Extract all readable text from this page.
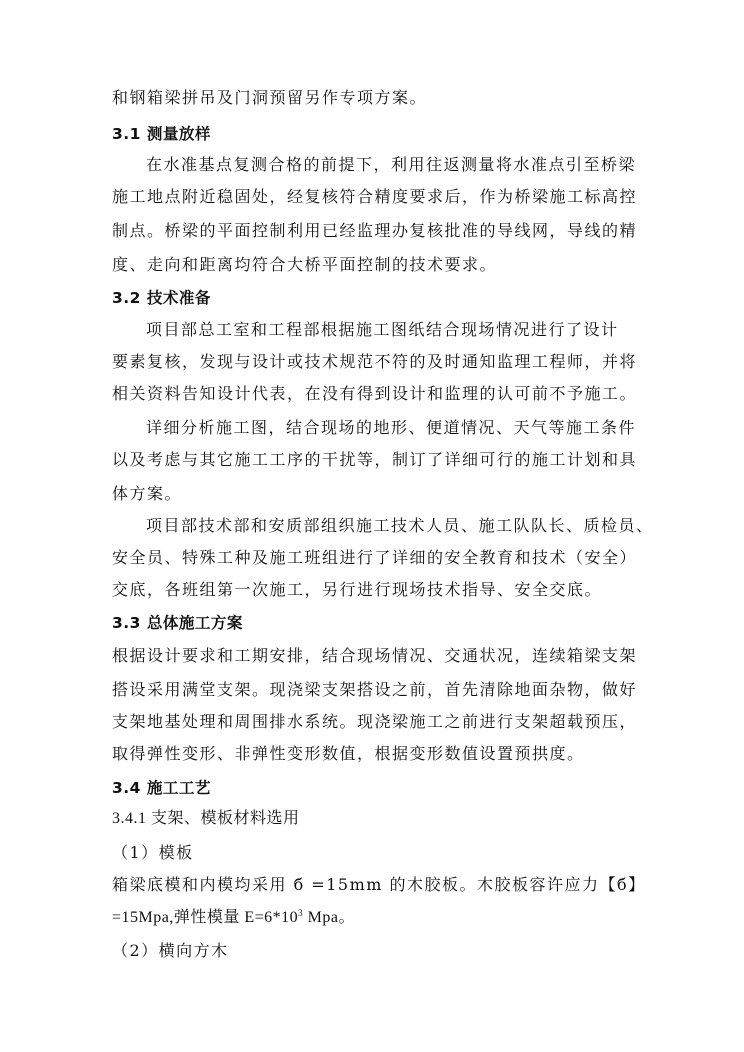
和钢箱梁拼吊及门洞预留另作专项方案。
3.1 测量放样
在水准基点复测合格的前提下，利用往返测量将水准点引至桥梁
施工地点附近稳固处，经复核符合精度要求后，作为桥梁施工标高控
制点。桥梁的平面控制利用已经监理办复核批准的导线网，导线的精
度、走向和距离均符合大桥平面控制的技术要求。
3.2 技术准备
项目部总工室和工程部根据施工图纸结合现场情况进行了设计
要素复核，发现与设计或技术规范不符的及时通知监理工程师，并将
相关资料告知设计代表，在没有得到设计和监理的认可前不予施工。
详细分析施工图，结合现场的地形、便道情况、天气等施工条件
以及考虑与其它施工工序的干扰等，制订了详细可行的施工计划和具
体方案。
项目部技术部和安质部组织施工技术人员、施工队队长、质检员、
安全员、特殊工种及施工班组进行了详细的安全教育和技术（安全）
交底，各班组第一次施工，另行进行现场技术指导、安全交底。
3.3 总体施工方案
根据设计要求和工期安排，结合现场情况、交通状况，连续箱梁支架
搭设采用满堂支架。现浇梁支架搭设之前，首先清除地面杂物，做好
支架地基处理和周围排水系统。现浇梁施工之前进行支架超载预压，
取得弹性变形、非弹性变形数值，根据变形数值设置预拱度。
3.4 施工工艺
3.4.1 支架、模板材料选用
（1）模板
箱梁底模和内模均采用 б =15mm 的木胶板。木胶板容许应力【б】
=15Mpa,弹性模量 $E=6*10^3$ Mpa。
（2）横向方木
